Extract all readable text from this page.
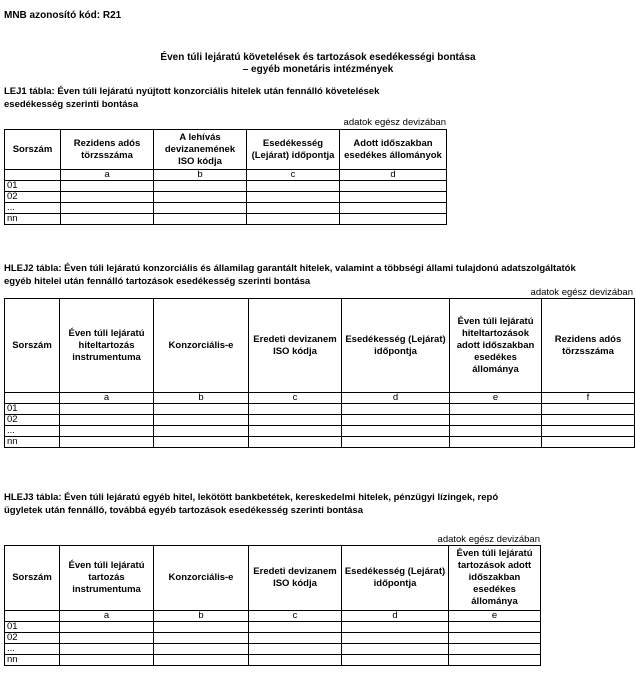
MNB azonosító kód: R21
Éven túli lejáratú követelések és tartozások esedékességi bontása
– egyéb monetáris intézmények
LEJ1 tábla: Éven túli lejáratú nyújtott konzorciális hitelek után fennálló követelések
esedékesség szerinti bontása
adatok egész devizában
Sorszám	Rezidens adós törzsszáma	A lehívás devizanemének ISO kódja	Esedékesség (Lejárat) időpontja	Adott időszakban esedékes állományok
	a	b	c	d
01				
02				
...				
nn				
HLEJ2 tábla: Éven túli lejáratú konzorciális és államilag garantált hitelek, valamint a többségi állami tulajdonú adatszolgáltatók
egyéb hitelei után fennálló tartozások esedékesség szerinti bontása
adatok egész devizában
Sorszám	Éven túli lejáratú hiteltartozás instrumentuma	Konzorciális-e	Eredeti devizanem ISO kódja	Esedékesség (Lejárat) időpontja	Éven túli lejáratú hiteltartozások adott időszakban esedékes állománya	Rezidens adós törzsszáma
	a	b	c	d	e	f
01						
02						
...						
nn						
HLEJ3 tábla: Éven túli lejáratú egyéb hitel, lekötött bankbetétek, kereskedelmi hitelek, pénzügyi lízingek, repó
ügyletek után fennálló, továbbá egyéb tartozások esedékesség szerinti bontása
adatok egész devizában
Sorszám	Éven túli lejáratú tartozás instrumentuma	Konzorciális-e	Eredeti devizanem ISO kódja	Esedékesség (Lejárat) időpontja	Éven túli lejáratú tartozások adott időszakban esedékes állománya
	a	b	c	d	e
01					
02					
...					
nn					
